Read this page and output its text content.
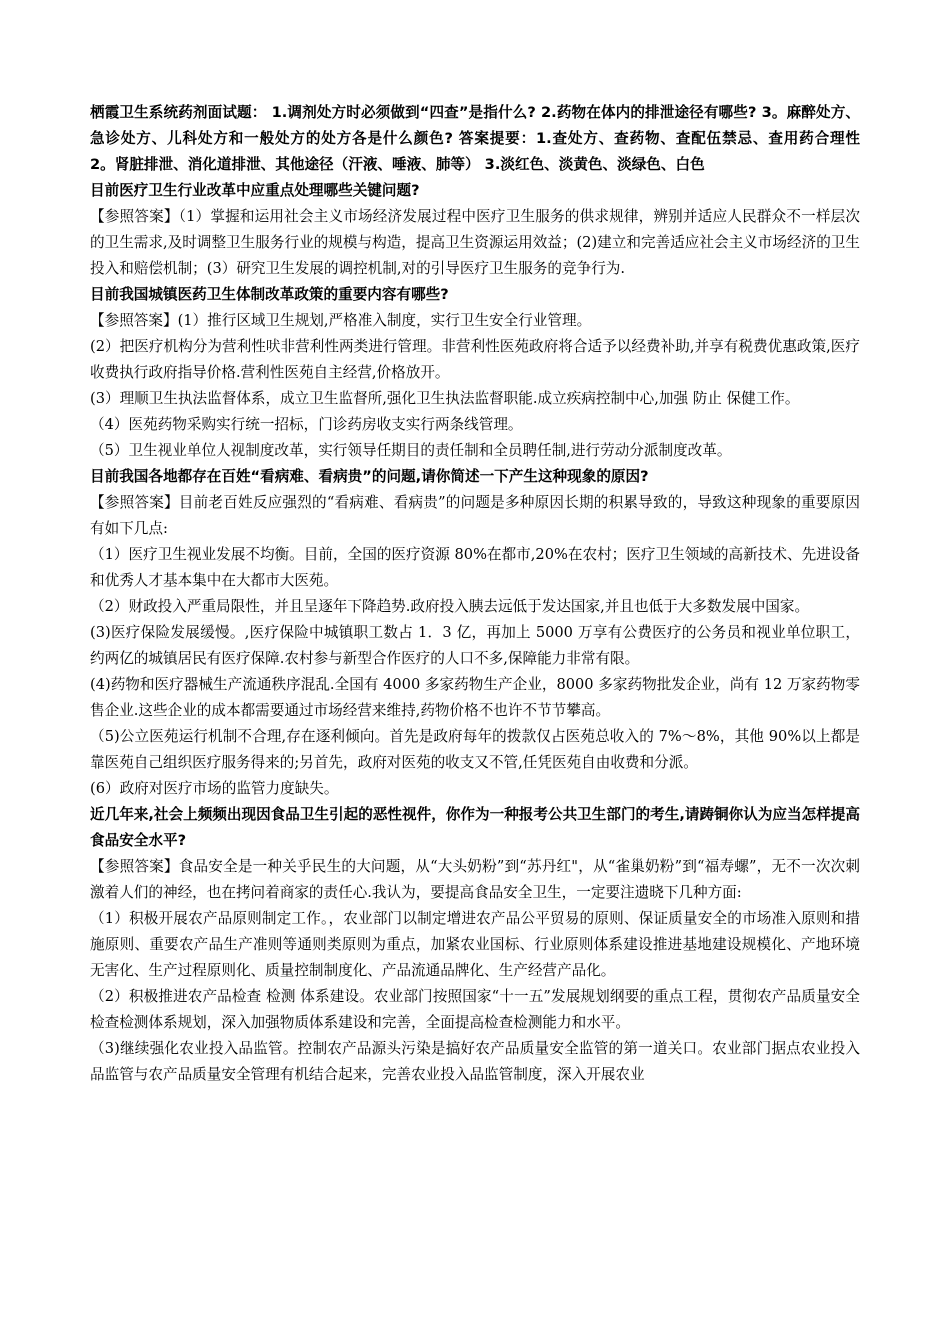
栖霞卫生系统药剂面试题： 1.调剂处方时必须做到“四查”是指什么? 2.药物在体内的排泄途径有哪些? 3。麻醉处方、急诊处方、儿科处方和一般处方的处方各是什么颜色? 答案提要：1.查处方、查药物、查配伍禁忌、查用药合理性　　　2。肾脏排泄、消化道排泄、其他途径（汗液、唾液、肺等） 3.淡红色、淡黄色、淡绿色、白色

目前医疗卫生行业改革中应重点处理哪些关键问题?

【参照答案】（1）掌握和运用社会主义市场经济发展过程中医疗卫生服务的供求规律，辨别并适应人民群众不一样层次的卫生需求,及时调整卫生服务行业的规模与构造，提高卫生资源运用效益；(2)建立和完善适应社会主义市场经济的卫生投入和赔偿机制；(3）研究卫生发展的调控机制,对的引导医疗卫生服务的竞争行为.

目前我国城镇医药卫生体制改革政策的重要内容有哪些?

【参照答案】(1）推行区域卫生规划,严格准入制度，实行卫生安全行业管理。

(2）把医疗机构分为营利性吠非营利性两类进行管理。非营利性医苑政府将合适予以经费补助,并享有税费优惠政策,医疗收费执行政府指导价格.营利性医苑自主经营,价格放开。

(3）理顺卫生执法监督体系，成立卫生监督所,强化卫生执法监督职能.成立疾病控制中心,加强 防止 保健工作。

（4）医苑药物采购实行统一招标，门诊药房收支实行两条线管理。

（5）卫生视业单位人视制度改革，实行领导任期目的责任制和全员聘任制,进行劳动分派制度改革。

目前我国各地都存在百姓“看病难、看病贵”的问题,请你简述一下产生这种现象的原因?

【参照答案】目前老百姓反应强烈的“看病难、看病贵”的问题是多种原因长期的积累导致的，导致这种现象的重要原因有如下几点:

（1）医疗卫生视业发展不均衡。目前，全国的医疗资源 80%在都市,20%在农村；医疗卫生领域的高新技术、先进设备和优秀人才基本集中在大都市大医苑。

（2）财政投入严重局限性，并且呈逐年下降趋势.政府投入胰去远低于发达国家,并且也低于大多数发展中国家。

(3)医疗保险发展缓慢。,医疗保险中城镇职工数占 1．3 亿，再加上 5000 万享有公费医疗的公务员和视业单位职工，约两亿的城镇居民有医疗保障.农村参与新型合作医疗的人口不多,保障能力非常有限。

(4)药物和医疗器械生产流通秩序混乱.全国有 4000 多家药物生产企业，8000 多家药物批发企业，尚有 12 万家药物零售企业.这些企业的成本都需要通过市场经营来维持,药物价格不也许不节节攀高。

（5)公立医苑运行机制不合理,存在逐利倾向。首先是政府每年的拨款仅占医苑总收入的 7%～8%，其他 90%以上都是靠医苑自己组织医疗服务得来的;另首先，政府对医苑的收支又不管,任凭医苑自由收费和分派。

(6）政府对医疗市场的监管力度缺失。

近几年来,社会上频频出现因食品卫生引起的恶性视件，你作为一种报考公共卫生部门的考生,请踌铜你认为应当怎样提高食品安全水平?

【参照答案】食品安全是一种关乎民生的大问题，从“大头奶粉”到“苏丹红"，从“雀巢奶粉”到“福寿螺”，无不一次次刺激着人们的神经，也在拷问着商家的责任心.我认为，要提高食品安全卫生，一定要注遗晓下几种方面:

（1）积极开展农产品原则制定工作。，农业部门以制定增进农产品公平贸易的原则、保证质量安全的市场准入原则和措施原则、重要农产品生产准则等通则类原则为重点，加紧农业国标、行业原则体系建设推进基地建设规模化、产地环境无害化、生产过程原则化、质量控制制度化、产品流通品牌化、生产经营产品化。

（2）积极推进农产品检查 检测 体系建设。农业部门按照国家“十一五”发展规划纲要的重点工程，贯彻农产品质量安全检查检测体系规划，深入加强物质体系建设和完善，全面提高检查检测能力和水平。

（3)继续强化农业投入品监管。控制农产品源头污染是搞好农产品质量安全监管的第一道关口。农业部门据点农业投入品监管与农产品质量安全管理有机结合起来，完善农业投入品监管制度，深入开展农业
